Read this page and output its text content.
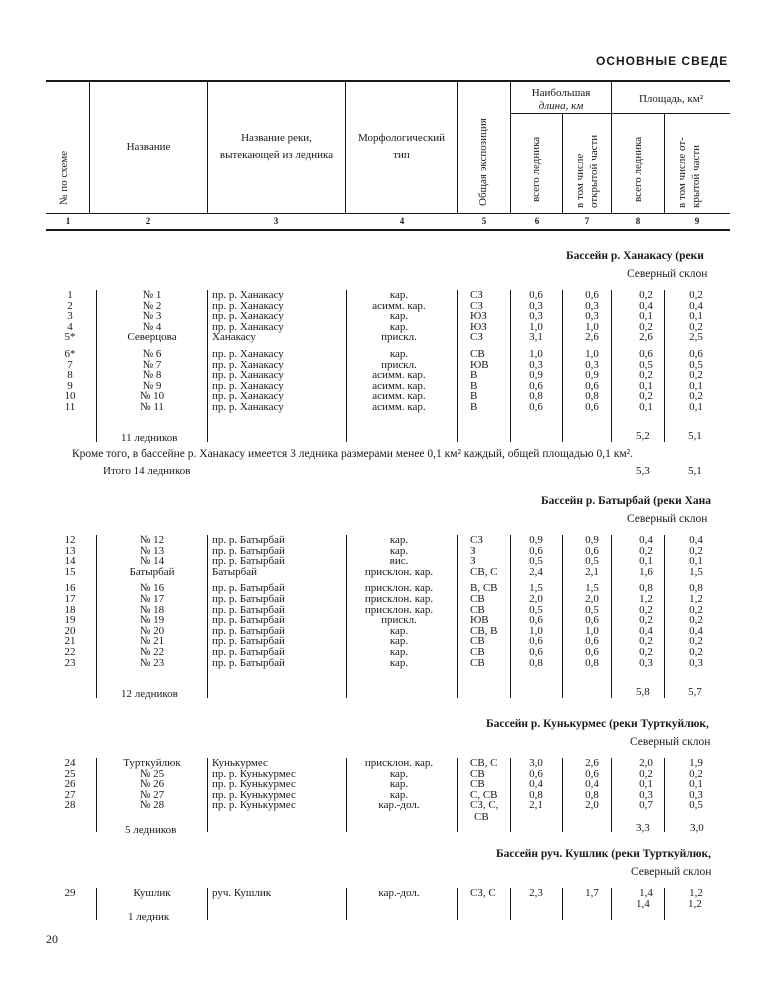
ОСНОВНЫЕ СВЕДЕ
№ по схеме
Название
Название реки,
вытекающей из ледника
Морфологический
тип	Общая экспозиция
Наибольшая
длина, км
Площадь, км²
всего ледника	в том числе открытой части	всего ледника	в том числе от- крытой части
1	2	3	4	5	6	7	8	9
Бассейн р. Ханакасу (реки
Северный склон
1	№ 1	пр. р. Ханакасу	кар.	СЗ	0,6	0,6	0,2	0,2
2	№ 2	пр. р. Ханакасу	асимм. кар.	СЗ	0,3	0,3	0,4	0,4
3	№ 3	пр. р. Ханакасу	кар.	ЮЗ	0,3	0,3	0,1	0,1
4	№ 4	пр. р. Ханакасу	кар.	ЮЗ	1,0	1,0	0,2	0,2
5*	Северцова	Ханакасу	прискл.	СЗ	3,1	2,6	2,6	2,5
6*	№ 6	пр. р. Ханакасу	кар.	СВ	1,0	1,0	0,6	0,6
7	№ 7	пр. р. Ханакасу	прискл.	ЮВ	0,3	0,3	0,5	0,5
8	№ 8	пр. р. Ханакасу	асимм. кар.	В	0,9	0,9	0,2	0,2
9	№ 9	пр. р. Ханакасу	асимм. кар.	В	0,6	0,6	0,1	0,1
10	№ 10	пр. р. Ханакасу	асимм. кар.	В	0,8	0,8	0,2	0,2
11	№ 11	пр. р. Ханакасу	асимм. кар.	В	0,6	0,6	0,1	0,1
11 ледников	5,2	5,1
Кроме того, в бассейне р. Ханакасу имеется 3 ледника размерами менее 0,1 км² каждый, общей площадью 0,1 км².
Итого 14 ледников	5,3	5,1
Бассейн р. Батырбай (реки Хана
Северный склон
12	№ 12	пр. р. Батырбай	кар.	СЗ	0,9	0,9	0,4	0,4
13	№ 13	пр. р. Батырбай	кар.	З	0,6	0,6	0,2	0,2
14	№ 14	пр. р. Батырбай	вис.	З	0,5	0,5	0,1	0,1
15	Батырбай	Батырбай	присклон. кар.	СВ, С	2,4	2,1	1,6	1,5
16	№ 16	пр. р. Батырбай	присклон. кар.	В, СВ	1,5	1,5	0,8	0,8
17	№ 17	пр. р. Батырбай	присклон. кар.	СВ	2,0	2,0	1,2	1,2
18	№ 18	пр. р. Батырбай	присклон. кар.	СВ	0,5	0,5	0,2	0,2
19	№ 19	пр. р. Батырбай	прискл.	ЮВ	0,6	0,6	0,2	0,2
20	№ 20	пр. р. Батырбай	кар.	СВ, В	1,0	1,0	0,4	0,4
21	№ 21	пр. р. Батырбай	кар.	СВ	0,6	0,6	0,2	0,2
22	№ 22	пр. р. Батырбай	кар.	СВ	0,6	0,6	0,2	0,2
23	№ 23	пр. р. Батырбай	кар.	СВ	0,8	0,8	0,3	0,3
12 ледников	5,8	5,7
Бассейн р. Кунькурмес (реки Турткуйлюк,
Северный склон
24	Турткуйлюк	Кунькурмес	присклон. кар.	СВ, С	3,0	2,6	2,0	1,9
25	№ 25	пр. р. Кунькурмес	кар.	СВ	0,6	0,6	0,2	0,2
26	№ 26	пр. р. Кунькурмес	кар.	СВ	0,4	0,4	0,1	0,1
27	№ 27	пр. р. Кунькурмес	кар.	С, СВ	0,8	0,8	0,3	0,3
28	№ 28	пр. р. Кунькурмес	кар.-дол.	СЗ, С,	2,1	2,0	0,7	0,5
СВ
5 ледников	3,3	3,0
Бассейн руч. Кушлик (реки Турткуйлюк,
Северный склон
29	Кушлик	руч. Кушлик	кар.-дол.	СЗ, С	2,3	1,7	1,4	1,2
1 ледник
1,4	1,2
20
